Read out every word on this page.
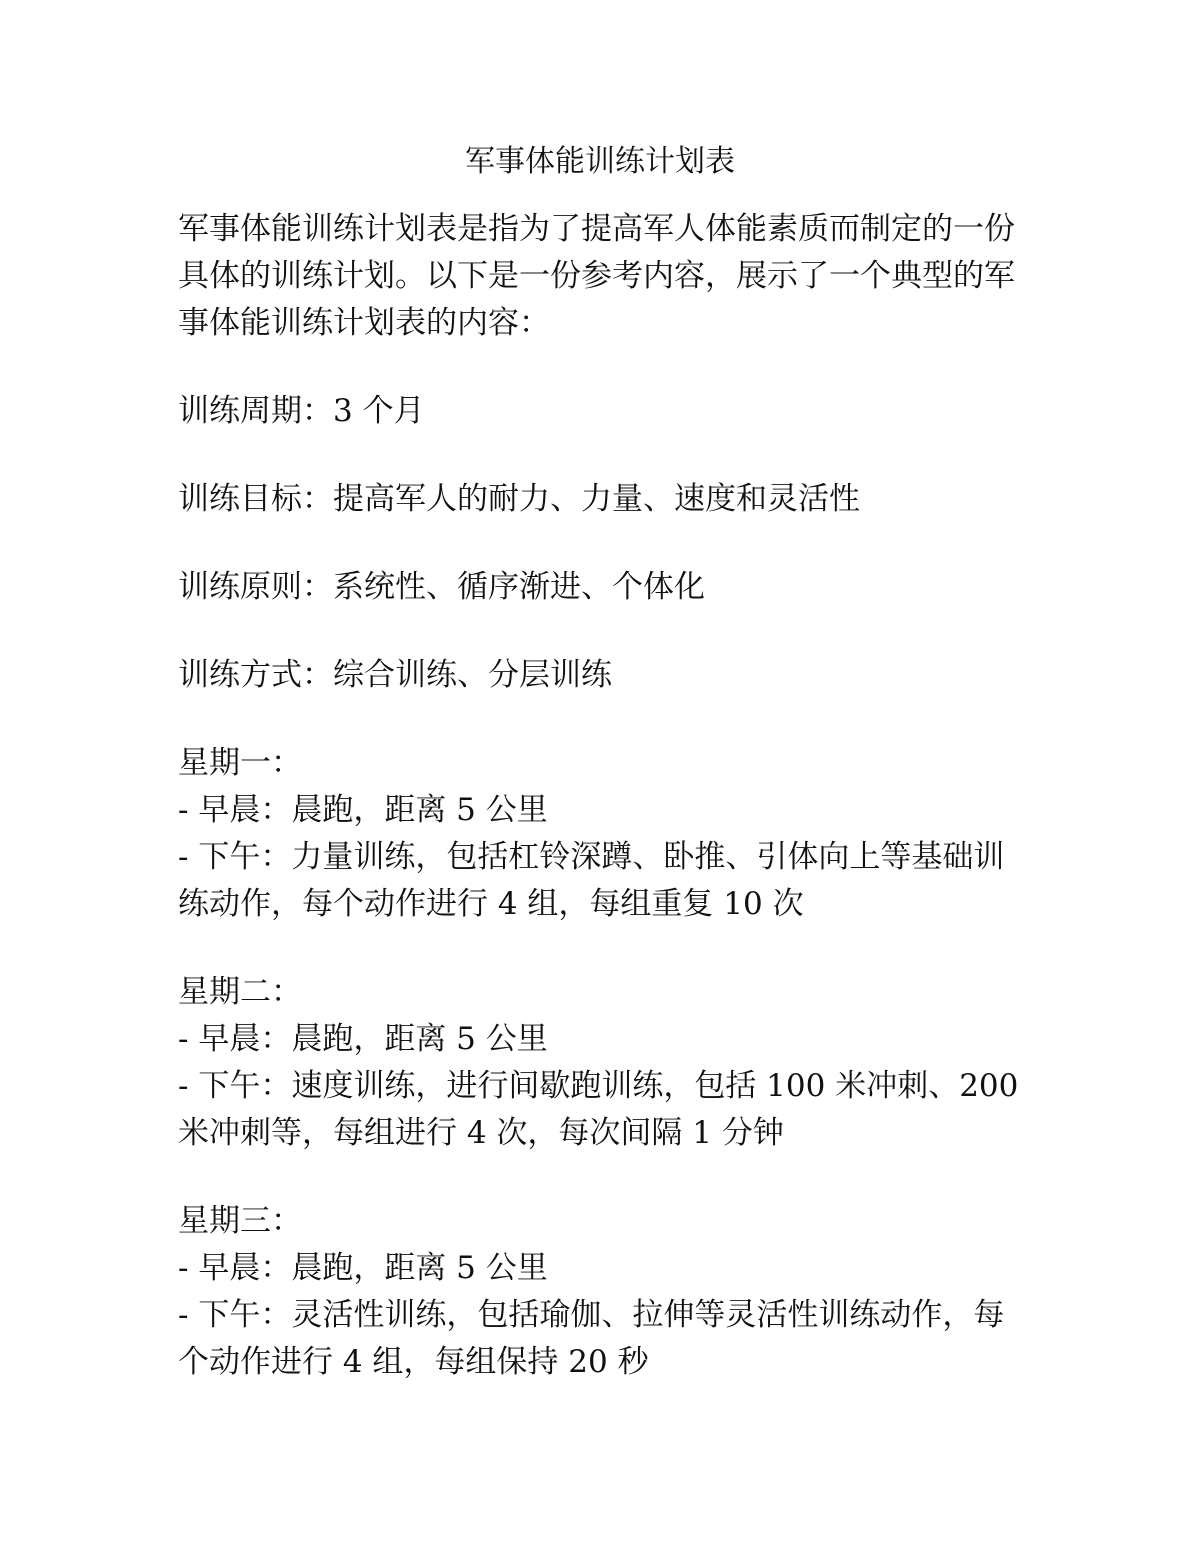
军事体能训练计划表

军事体能训练计划表是指为了提高军人体能素质而制定的一份

具体的训练计划。以下是一份参考内容，展示了一个典型的军

事体能训练计划表的内容：

训练周期：3 个月

训练目标：提高军人的耐力、力量、速度和灵活性

训练原则：系统性、循序渐进、个体化

训练方式：综合训练、分层训练

星期一：

- 早晨：晨跑，距离 5 公里

- 下午：力量训练，包括杠铃深蹲、卧推、引体向上等基础训

练动作，每个动作进行 4 组，每组重复 10 次

星期二：

- 早晨：晨跑，距离 5 公里

- 下午：速度训练，进行间歇跑训练，包括 100 米冲刺、200

米冲刺等，每组进行 4 次，每次间隔 1 分钟

星期三：

- 早晨：晨跑，距离 5 公里

- 下午：灵活性训练，包括瑜伽、拉伸等灵活性训练动作，每

个动作进行 4 组，每组保持 20 秒
